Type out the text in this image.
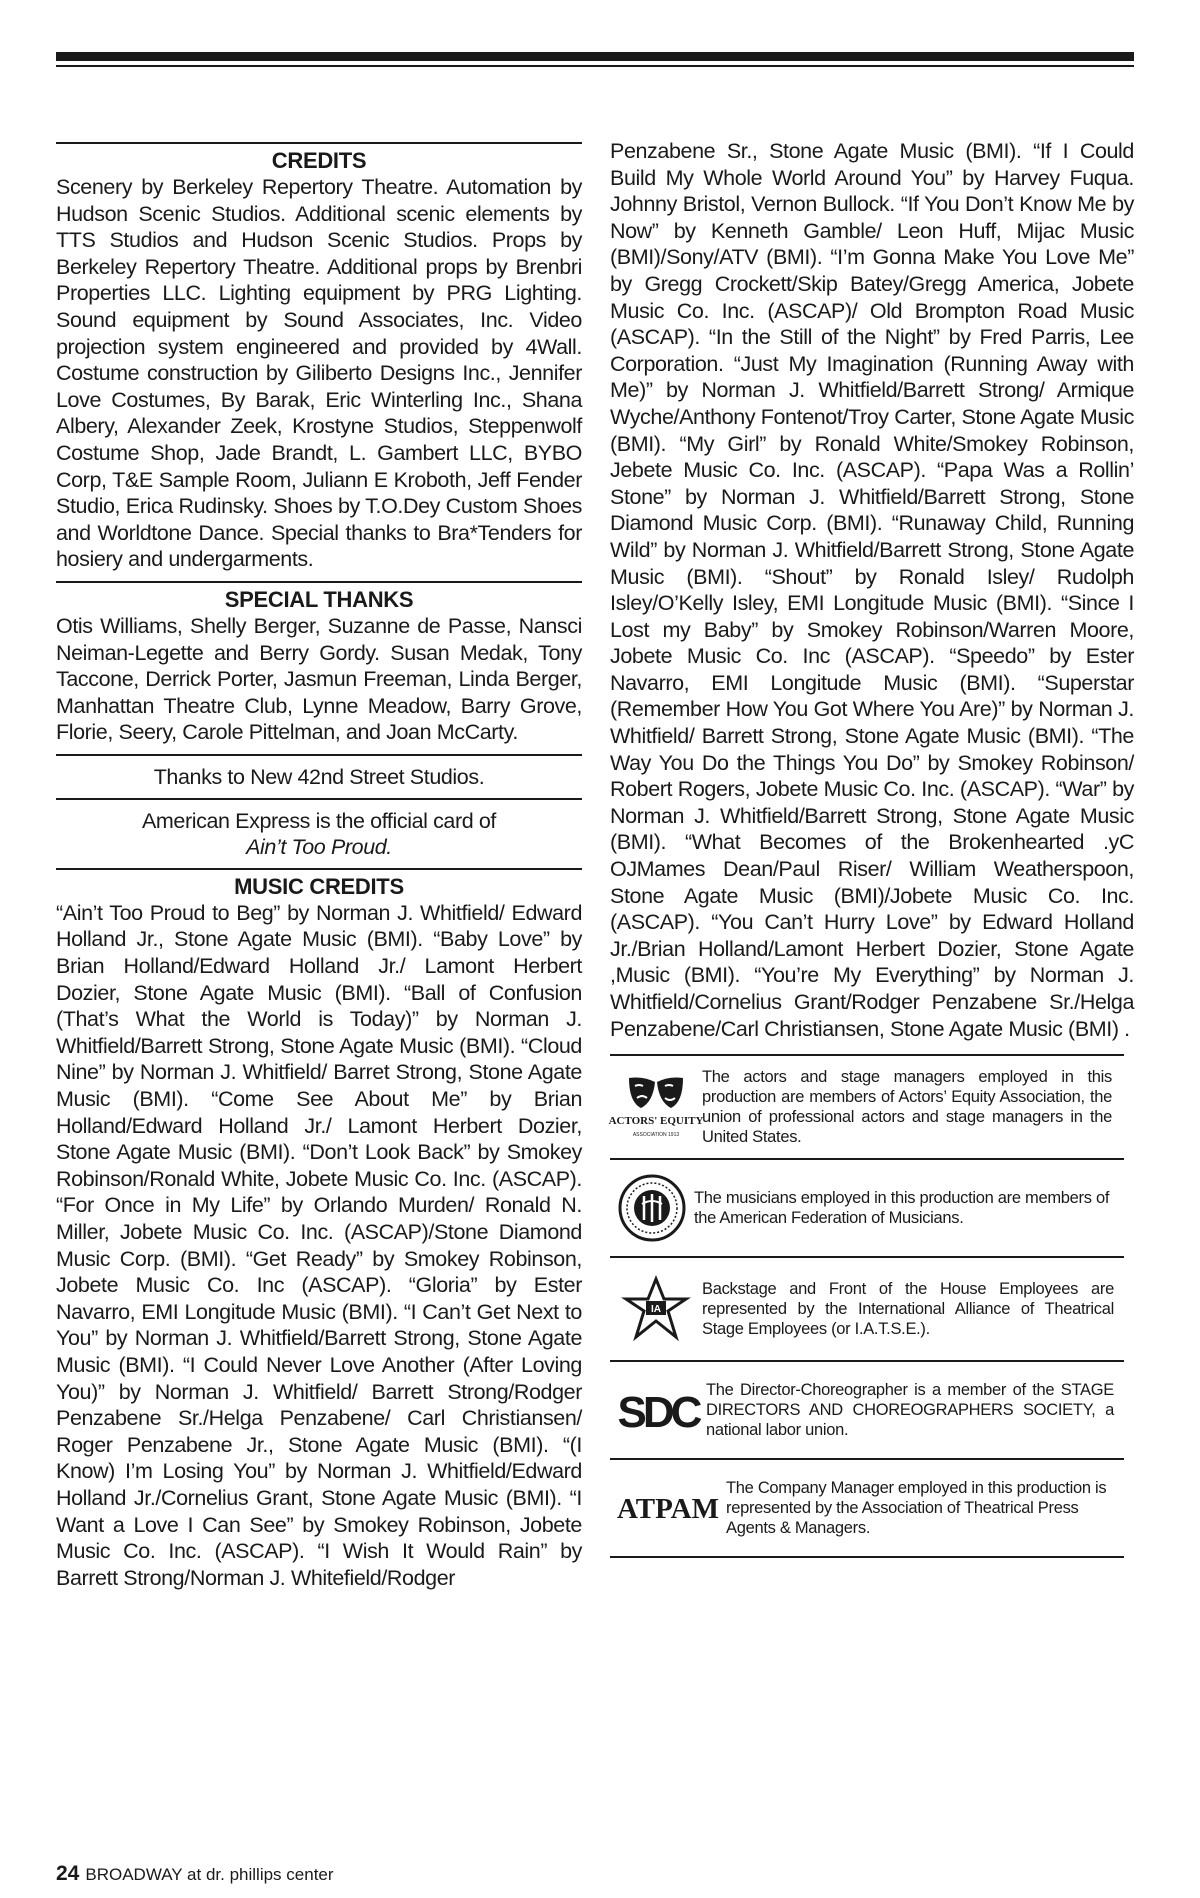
CREDITS

Scenery by Berkeley Repertory Theatre. Automation by Hudson Scenic Studios. Additional scenic elements by TTS Studios and Hudson Scenic Studios. Props by Berkeley Repertory Theatre. Additional props by Brenbri Properties LLC. Lighting equipment by PRG Lighting. Sound equipment by Sound Associates, Inc. Video projection system engineered and provided by 4Wall. Costume construction by Giliberto Designs Inc., Jennifer Love Costumes, By Barak, Eric Winterling Inc., Shana Albery, Alexander Zeek, Krostyne Studios, Steppenwolf Costume Shop, Jade Brandt, L. Gambert LLC, BYBO Corp, T&E Sample Room, Juliann E Kroboth, Jeff Fender Studio, Erica Rudinsky. Shoes by T.O.Dey Custom Shoes and Worldtone Dance. Special thanks to Bra*Tenders for hosiery and undergarments.

SPECIAL THANKS

Otis Williams, Shelly Berger, Suzanne de Passe, Nansci Neiman-Legette and Berry Gordy. Susan Medak, Tony Taccone, Derrick Porter, Jasmun Freeman, Linda Berger, Manhattan Theatre Club, Lynne Meadow, Barry Grove, Florie, Seery, Carole Pittelman, and Joan McCarty.

Thanks to New 42nd Street Studios.

American Express is the official card of
Ain’t Too Proud.

MUSIC CREDITS

“Ain’t Too Proud to Beg” by Norman J. Whitfield/ Edward Holland Jr., Stone Agate Music (BMI). “Baby Love” by Brian Holland/Edward Holland Jr./ Lamont Herbert Dozier, Stone Agate Music (BMI). “Ball of Confusion (That’s What the World is Today)” by Norman J. Whitfield/Barrett Strong, Stone Agate Music (BMI). “Cloud Nine” by Norman J. Whitfield/ Barret Strong, Stone Agate Music (BMI). “Come See About Me” by Brian Holland/Edward Holland Jr./ Lamont Herbert Dozier, Stone Agate Music (BMI). “Don’t Look Back” by Smokey Robinson/Ronald White, Jobete Music Co. Inc. (ASCAP). “For Once in My Life” by Orlando Murden/ Ronald N. Miller, Jobete Music Co. Inc. (ASCAP)/Stone Diamond Music Corp. (BMI). “Get Ready” by Smokey Robinson, Jobete Music Co. Inc (ASCAP). “Gloria” by Ester Navarro, EMI Longitude Music (BMI). “I Can’t Get Next to You” by Norman J. Whitfield/Barrett Strong, Stone Agate Music (BMI). “I Could Never Love Another (After Loving You)” by Norman J. Whitfield/ Barrett Strong/Rodger Penzabene Sr./Helga Penzabene/ Carl Christiansen/ Roger Penzabene Jr., Stone Agate Music (BMI). “(I Know) I’m Losing You” by Norman J. Whitfield/Edward Holland Jr./Cornelius Grant, Stone Agate Music (BMI). “I Want a Love I Can See” by Smokey Robinson, Jobete Music Co. Inc. (ASCAP). “I Wish It Would Rain” by Barrett Strong/Norman J. Whitefield/Rodger

Penzabene Sr., Stone Agate Music (BMI). “If I Could Build My Whole World Around You” by Harvey Fuqua. Johnny Bristol, Vernon Bullock. “If You Don’t Know Me by Now” by Kenneth Gamble/ Leon Huff, Mijac Music (BMI)/Sony/ATV (BMI). “I’m Gonna Make You Love Me” by Gregg Crockett/Skip Batey/Gregg America, Jobete Music Co. Inc. (ASCAP)/ Old Brompton Road Music (ASCAP). “In the Still of the Night” by Fred Parris, Lee Corporation. “Just My Imagination (Running Away with Me)” by Norman J. Whitfield/Barrett Strong/ Armique Wyche/Anthony Fontenot/Troy Carter, Stone Agate Music (BMI). “My Girl” by Ronald White/Smokey Robinson, Jebete Music Co. Inc. (ASCAP). “Papa Was a Rollin’ Stone” by Norman J. Whitfield/Barrett Strong, Stone Diamond Music Corp. (BMI). “Runaway Child, Running Wild” by Norman J. Whitfield/Barrett Strong, Stone Agate Music (BMI). “Shout” by Ronald Isley/ Rudolph Isley/O’Kelly Isley, EMI Longitude Music (BMI). “Since I Lost my Baby” by Smokey Robinson/Warren Moore, Jobete Music Co. Inc (ASCAP). “Speedo” by Ester Navarro, EMI Longitude Music (BMI). “Superstar (Remember How You Got Where You Are)” by Norman J. Whitfield/ Barrett Strong, Stone Agate Music (BMI). “The Way You Do the Things You Do” by Smokey Robinson/ Robert Rogers, Jobete Music Co. Inc. (ASCAP). “War” by Norman J. Whitfield/Barrett Strong, Stone Agate Music (BMI). “What Becomes of the Brokenhearted .yC OJMames Dean/Paul Riser/ William Weatherspoon, Stone Agate Music (BMI)/Jobete Music Co. Inc. (ASCAP). “You Can’t Hurry Love” by Edward Holland Jr./Brian Holland/Lamont Herbert Dozier, Stone Agate ,Music (BMI). “You’re My Everything” by Norman J. Whitfield/Cornelius Grant/Rodger Penzabene Sr./Helga Penzabene/Carl Christiansen, Stone Agate Music (BMI) .

ACTORS' EQUITY
ASSOCIATION 1913

The actors and stage managers employed in this production are members of Actors’ Equity Association, the union of professional actors and stage managers in the United States.

The musicians employed in this production are members of the American Federation of Musicians.

IA

Backstage and Front of the House Employees are represented by the International Alliance of Theatrical Stage Employees (or I.A.T.S.E.).

SDC The Director-Choreographer is a member of the STAGE DIRECTORS AND CHOREOGRAPHERS SOCIETY, a national labor union.

ATPAM

The Company Manager employed in this production is represented by the Association of Theatrical Press Agents & Managers.

24 BROADWAY at dr. phillips center
